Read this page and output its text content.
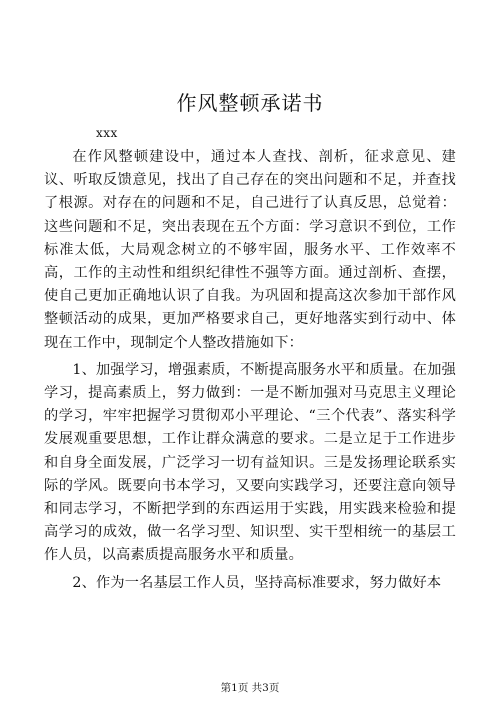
作风整顿承诺书
xxx

在作风整顿建设中，通过本人查找、剖析，征求意见、建议、听取反馈意见，找出了自己存在的突出问题和不足，并查找了根源。对存在的问题和不足，自己进行了认真反思，总觉着：这些问题和不足，突出表现在五个方面：学习意识不到位，工作标准太低，大局观念树立的不够牢固，服务水平、工作效率不高，工作的主动性和组织纪律性不强等方面。通过剖析、查摆，使自己更加正确地认识了自我。为巩固和提高这次参加干部作风整顿活动的成果，更加严格要求自己，更好地落实到行动中、体现在工作中，现制定个人整改措施如下：

1、加强学习，增强素质，不断提高服务水平和质量。在加强学习，提高素质上，努力做到：一是不断加强对马克思主义理论的学习，牢牢把握学习贯彻邓小平理论、“三个代表”、落实科学发展观重要思想，工作让群众满意的要求。二是立足于工作进步和自身全面发展，广泛学习一切有益知识。三是发扬理论联系实际的学风。既要向书本学习，又要向实践学习，还要注意向领导和同志学习，不断把学到的东西运用于实践，用实践来检验和提高学习的成效，做一名学习型、知识型、实干型相统一的基层工作人员，以高素质提高服务水平和质量。

2、作为一名基层工作人员，坚持高标准要求，努力做好本

第1页 共3页
